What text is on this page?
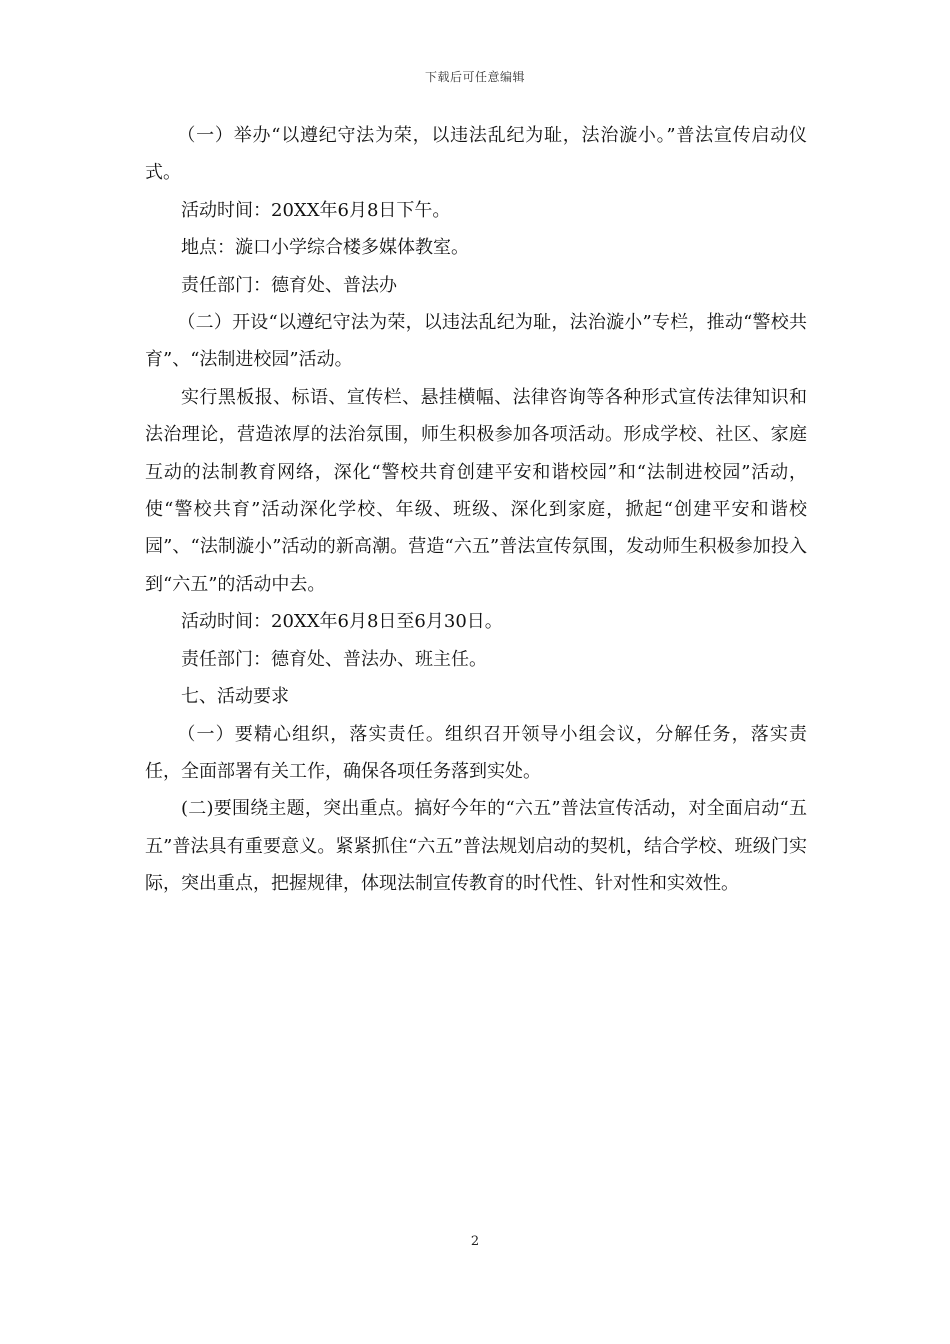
下载后可任意编辑

（一）举办“以遵纪守法为荣，以违法乱纪为耻，法治漩小。”普法宣传启动仪式。

活动时间：20XX年6月8日下午。

地点：漩口小学综合楼多媒体教室。

责任部门：德育处、普法办

（二）开设“以遵纪守法为荣，以违法乱纪为耻，法治漩小”专栏，推动“警校共育”、“法制进校园”活动。

实行黑板报、标语、宣传栏、悬挂横幅、法律咨询等各种形式宣传法律知识和法治理论，营造浓厚的法治氛围，师生积极参加各项活动。形成学校、社区、家庭互动的法制教育网络，深化“警校共育创建平安和谐校园”和“法制进校园”活动，使“警校共育”活动深化学校、年级、班级、深化到家庭，掀起“创建平安和谐校园”、“法制漩小”活动的新高潮。营造“六五”普法宣传氛围，发动师生积极参加投入到“六五”的活动中去。

活动时间：20XX年6月8日至6月30日。

责任部门：德育处、普法办、班主任。

七、活动要求

（一）要精心组织，落实责任。组织召开领导小组会议，分解任务，落实责任，全面部署有关工作，确保各项任务落到实处。

(二)要围绕主题，突出重点。搞好今年的“六五”普法宣传活动，对全面启动“五五”普法具有重要意义。紧紧抓住“六五”普法规划启动的契机，结合学校、班级门实际，突出重点，把握规律，体现法制宣传教育的时代性、针对性和实效性。

2
